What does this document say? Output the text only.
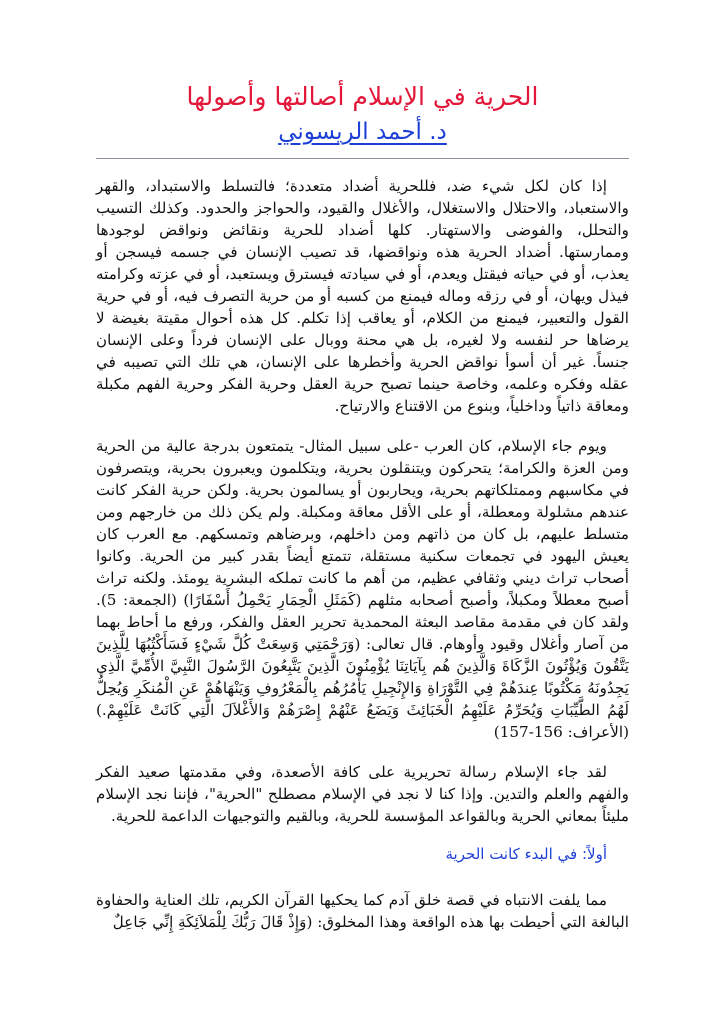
الحرية في الإسلام أصالتها وأصولها
د. أحمد الريسوني

إذا كان لكل شيء ضد، فللحرية أضداد متعددة؛ فالتسلط والاستبداد، والقهر والاستعباد، والاحتلال والاستغلال، والأغلال والقيود، والحواجز والحدود. وكذلك التسيب والتحلل، والفوضى والاستهتار. كلها أضداد للحرية ونقائض ونواقض لوجودها وممارستها. أضداد الحرية هذه ونواقضها، قد تصيب الإنسان في جسمه فيسجن أو يعذب، أو في حياته فيقتل ويعدم، أو في سيادته فيسترق ويستعبد، أو في عزته وكرامته فيذل ويهان، أو في رزقه وماله فيمنع من كسبه أو من حرية التصرف فيه، أو في حرية القول والتعبير، فيمنع من الكلام، أو يعاقب إذا تكلم. كل هذه أحوال مقيتة بغيضة لا يرضاها حر لنفسه ولا لغيره، بل هي محنة ووبال على الإنسان فرداً وعلى الإنسان جنساً. غير أن أسوأ نواقض الحرية وأخطرها على الإنسان، هي تلك التي تصيبه في عقله وفكره وعلمه، وخاصة حينما تصبح حرية العقل وحرية الفكر وحرية الفهم مكبلة ومعاقة ذاتياً وداخلياً، وبنوع من الاقتناع والارتياح.

ويوم جاء الإسلام، كان العرب -على سبيل المثال- يتمتعون بدرجة عالية من الحرية ومن العزة والكرامة؛ يتحركون ويتنقلون بحرية، ويتكلمون ويعبرون بحرية، ويتصرفون في مكاسبهم وممتلكاتهم بحرية، ويحاربون أو يسالمون بحرية. ولكن حرية الفكر كانت عندهم مشلولة ومعطلة، أو على الأقل معاقة ومكبلة. ولم يكن ذلك من خارجهم ومن متسلط عليهم، بل كان من ذاتهم ومن داخلهم، وبرضاهم وتمسكهم. مع العرب كان يعيش اليهود في تجمعات سكنية مستقلة، تتمتع أيضاً بقدر كبير من الحرية. وكانوا أصحاب تراث ديني وثقافي عظيم، من أهم ما كانت تملكه البشرية يومئذ. ولكنه تراث أصبح معطلاً ومكبلاً، وأصبح أصحابه مثلهم (كَمَثَلِ الْحِمَارِ يَحْمِلُ أَسْفَارًا) (الجمعة: 5). ولقد كان في مقدمة مقاصد البعثة المحمدية تحرير العقل والفكر، ورفع ما أحاط بهما من آصار وأغلال وقيود وأوهام. قال تعالى: (وَرَحْمَتِي وَسِعَتْ كُلَّ شَيْءٍ فَسَأَكْتُبُهَا لِلَّذِينَ يَتَّقُونَ وَيُؤْتُونَ الزَّكَاةَ وَالَّذِينَ هُم بِآيَاتِنَا يُؤْمِنُونَ الَّذِينَ يَتَّبِعُونَ الرَّسُولَ النَّبِيَّ الأُمِّيَّ الَّذِي يَجِدُونَهُ مَكْتُوبًا عِندَهُمْ فِي التَّوْرَاةِ وَالإِنْجِيلِ يَأْمُرُهُم بِالْمَعْرُوفِ وَيَنْهَاهُمْ عَنِ الْمُنكَرِ وَيُحِلُّ لَهُمُ الطَّيِّبَاتِ وَيُحَرِّمُ عَلَيْهِمُ الْخَبَائِثَ وَيَضَعُ عَنْهُمْ إِصْرَهُمْ وَالأَغْلاَلَ الَّتِي كَانَتْ عَلَيْهِمْ.) (الأعراف: 156-157)

لقد جاء الإسلام رسالة تحريرية على كافة الأصعدة، وفي مقدمتها صعيد الفكر والفهم والعلم والتدين. وإذا كنا لا نجد في الإسلام مصطلح "الحرية"، فإننا نجد الإسلام مليئاً بمعاني الحرية وبالقواعد المؤسسة للحرية، وبالقيم والتوجيهات الداعمة للحرية.

أولاً: في البدء كانت الحرية

مما يلفت الانتباه في قصة خلق آدم كما يحكيها القرآن الكريم، تلك العناية والحفاوة البالغة التي أحيطت بها هذه الواقعة وهذا المخلوق: (وَإِذْ قَالَ رَبُّكَ لِلْمَلاَئِكَةِ إِنِّي جَاعِلٌ
